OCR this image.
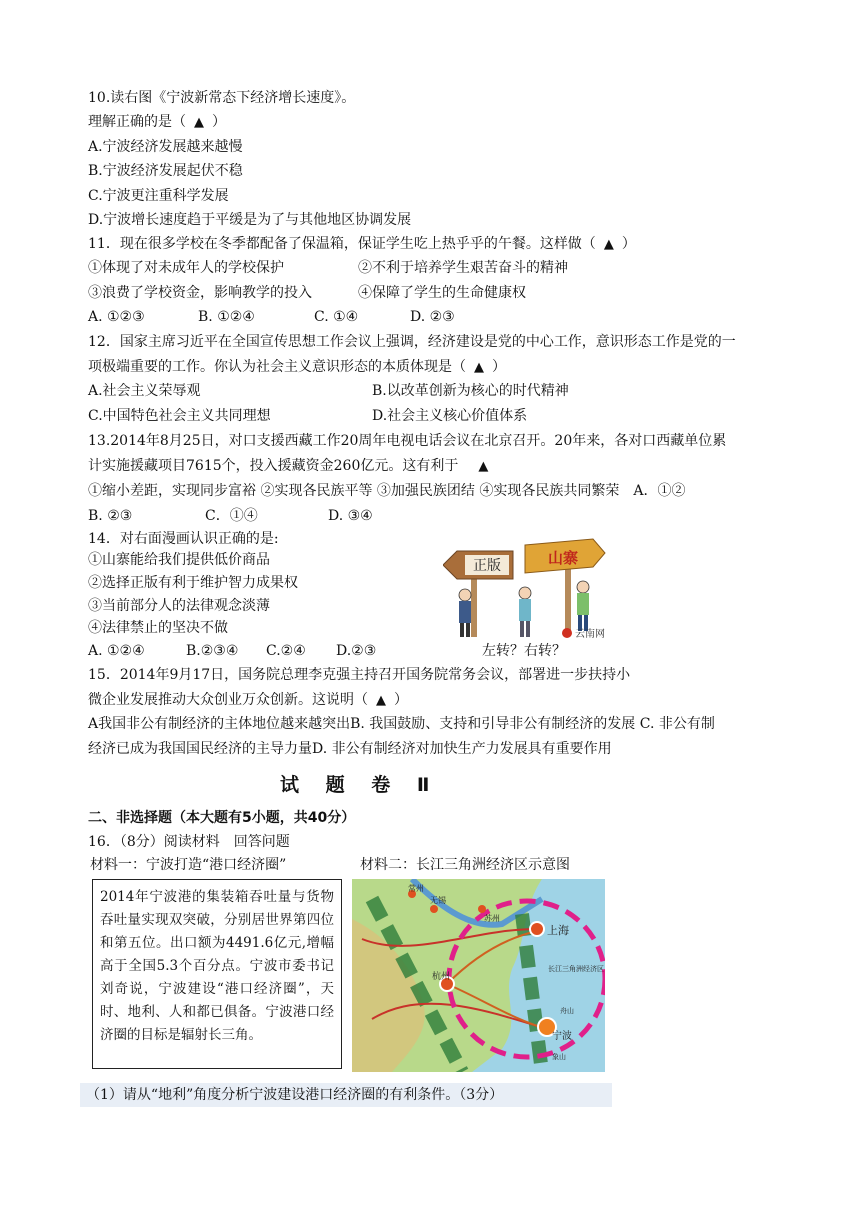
10.读右图《宁波新常态下经济增长速度》。
理解正确的是（ ▲ ）
A.宁波经济发展越来越慢
B.宁波经济发展起伏不稳
C.宁波更注重科学发展
D.宁波增长速度趋于平缓是为了与其他地区协调发展
11．现在很多学校在冬季都配备了保温箱，保证学生吃上热乎乎的午餐。这样做（ ▲ ）
①体现了对未成年人的学校保护	②不利于培养学生艰苦奋斗的精神
③浪费了学校资金，影响教学的投入	④保障了学生的生命健康权
A. ①②③	B. ①②④	C. ①④	D. ②③
12．国家主席习近平在全国宣传思想工作会议上强调，经济建设是党的中心工作，意识形态工作是党的一
项极端重要的工作。你认为社会主义意识形态的本质体现是（ ▲ ）
A.社会主义荣辱观	B.以改革创新为核心的时代精神
C.中国特色社会主义共同理想	D.社会主义核心价值体系
13.2014年8月25日，对口支援西藏工作20周年电视电话会议在北京召开。20年来，各对口西藏单位累
计实施援藏项目7615个，投入援藏资金260亿元。这有利于 ▲
①缩小差距，实现同步富裕 ②实现各民族平等 ③加强民族团结 ④实现各民族共同繁荣　A．①②
B. ②③	C．①④	D. ③④
14．对右面漫画认识正确的是:
①山寨能给我们提供低价商品
②选择正版有利于维护智力成果权
③当前部分人的法律观念淡薄
④法律禁止的坚决不做
A. ①②④	B.②③④ C.②④ D.②③	左转？右转？
正版	山寨
云南网
15．2014年9月17日，国务院总理李克强主持召开国务院常务会议，部署进一步扶持小
微企业发展推动大众创业万众创新。这说明（ ▲ ）
A我国非公有制经济的主体地位越来越突出B. 我国鼓励、支持和引导非公有制经济的发展 C. 非公有制
经济已成为我国国民经济的主导力量D. 非公有制经济对加快生产力发展具有重要作用
试 题 卷 Ⅱ
二、非选择题（本大题有5小题，共40分）
16．（8分）阅读材料　回答问题
材料一：宁波打造“港口经济圈”	材料二：长江三角洲经济区示意图
2014年宁波港的集装箱吞吐量与货物吞吐量实现双突破，分别居世界第四位和第五位。出口额为4491.6亿元,增幅高于全国5.3个百分点。宁波市委书记刘奇说，宁波建设“港口经济圈”，天时、地利、人和都已俱备。宁波港口经济圈的目标是辐射长三角。
上海
宁波
杭州
苏州
无锡
常州
长江三角洲经济区
舟山
象山
（1）请从“地利”角度分析宁波建设港口经济圈的有利条件。（3分）
